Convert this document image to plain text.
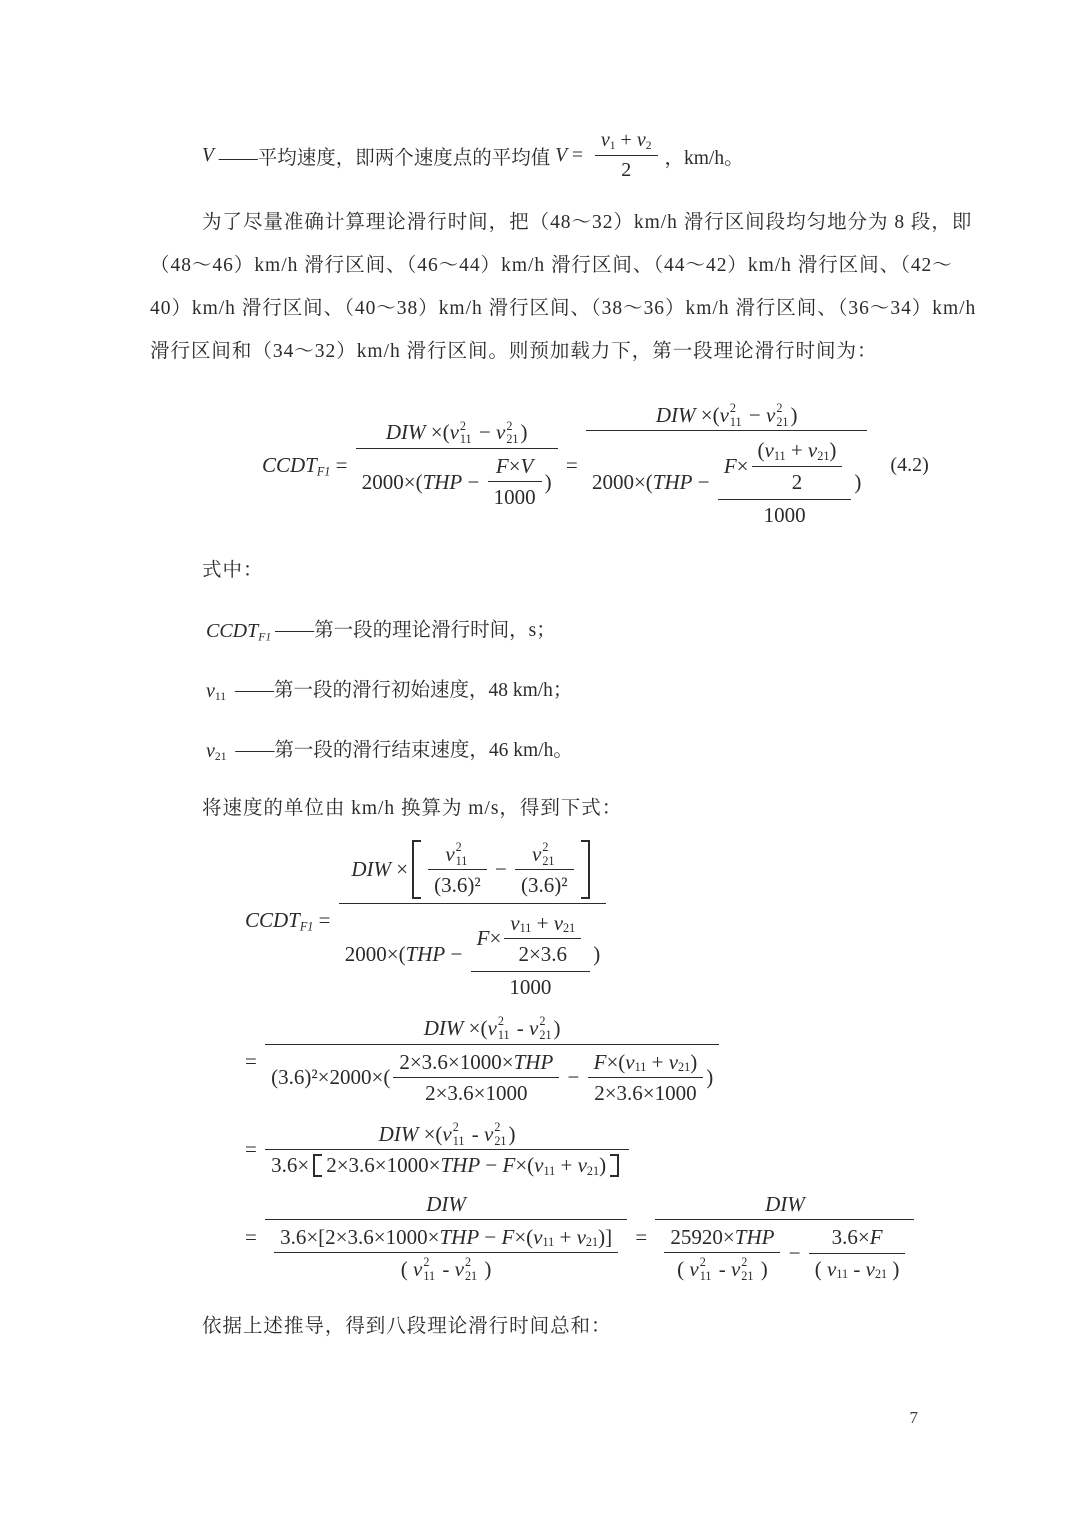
V ——平均速度，即两个速度点的平均值 $V = \frac{v 1 + v 2}{2}$ ，km/h。
为了尽量准确计算理论滑行时间，把（48～32）km/h 滑行区间段均匀地分为 8 段，即
（48～46）km/h 滑行区间、（46～44）km/h 滑行区间、（44～42）km/h 滑行区间、（42～
40）km/h 滑行区间、（40～38）km/h 滑行区间、（38～36）km/h 滑行区间、（36～34）km/h
滑行区间和（34～32）km/h 滑行区间。则预加载力下，第一段理论滑行时间为：
CCDT F1 = DIW ×( v 2
11 − v 2
21 )
2000×( THP − $\frac{F \times V}{1000}$ ) = DIW ×( v 2
11 − v 2
21 )
2000×( THP − $\frac{F \times \frac{( v 11 + v 21 )}{2}}{1000}$ ) (4.2)
式中：
CCDT F1 ——第一段的理论滑行时间，s；
v 11 ——第一段的滑行初始速度，48 km/h；
v 21 ——第一段的滑行结束速度，46 km/h。
将速度的单位由 km/h 换算为 m/s，得到下式：
CCDT F1 = DIW × v 2
11
(3.6)² − v 2
21
(3.6)²
2000×( THP − $\frac{F \times \frac{v 11 + v 21}{2\times 3.6}}{1000}$ )
=
DIW ×( v 2
11 - v 2
21 )
$(3.6)^2\times 2000\times( \frac{\text{2×3.6×1000× THP}}{2\times 3.6\times 1000} - \frac{F \times( v 11 + v 21 )}{2\times 3.6\times 1000}$ )
= DIW ×( v 2
11 - v 2
21 )
3.6× 2×3.6×1000× THP − F ×( v 11 + v 21 )
= DIW
3.6×[2×3.6×1000× THP − F ×( v 11 + v 21 )]
( v 2
11 - v 2
21 ) = DIW
25920× THP
( v 2
11 - v 2
21 ) − $\frac{3.6\times F}{( v 11 - v 21 )}$
依据上述推导，得到八段理论滑行时间总和：
7
